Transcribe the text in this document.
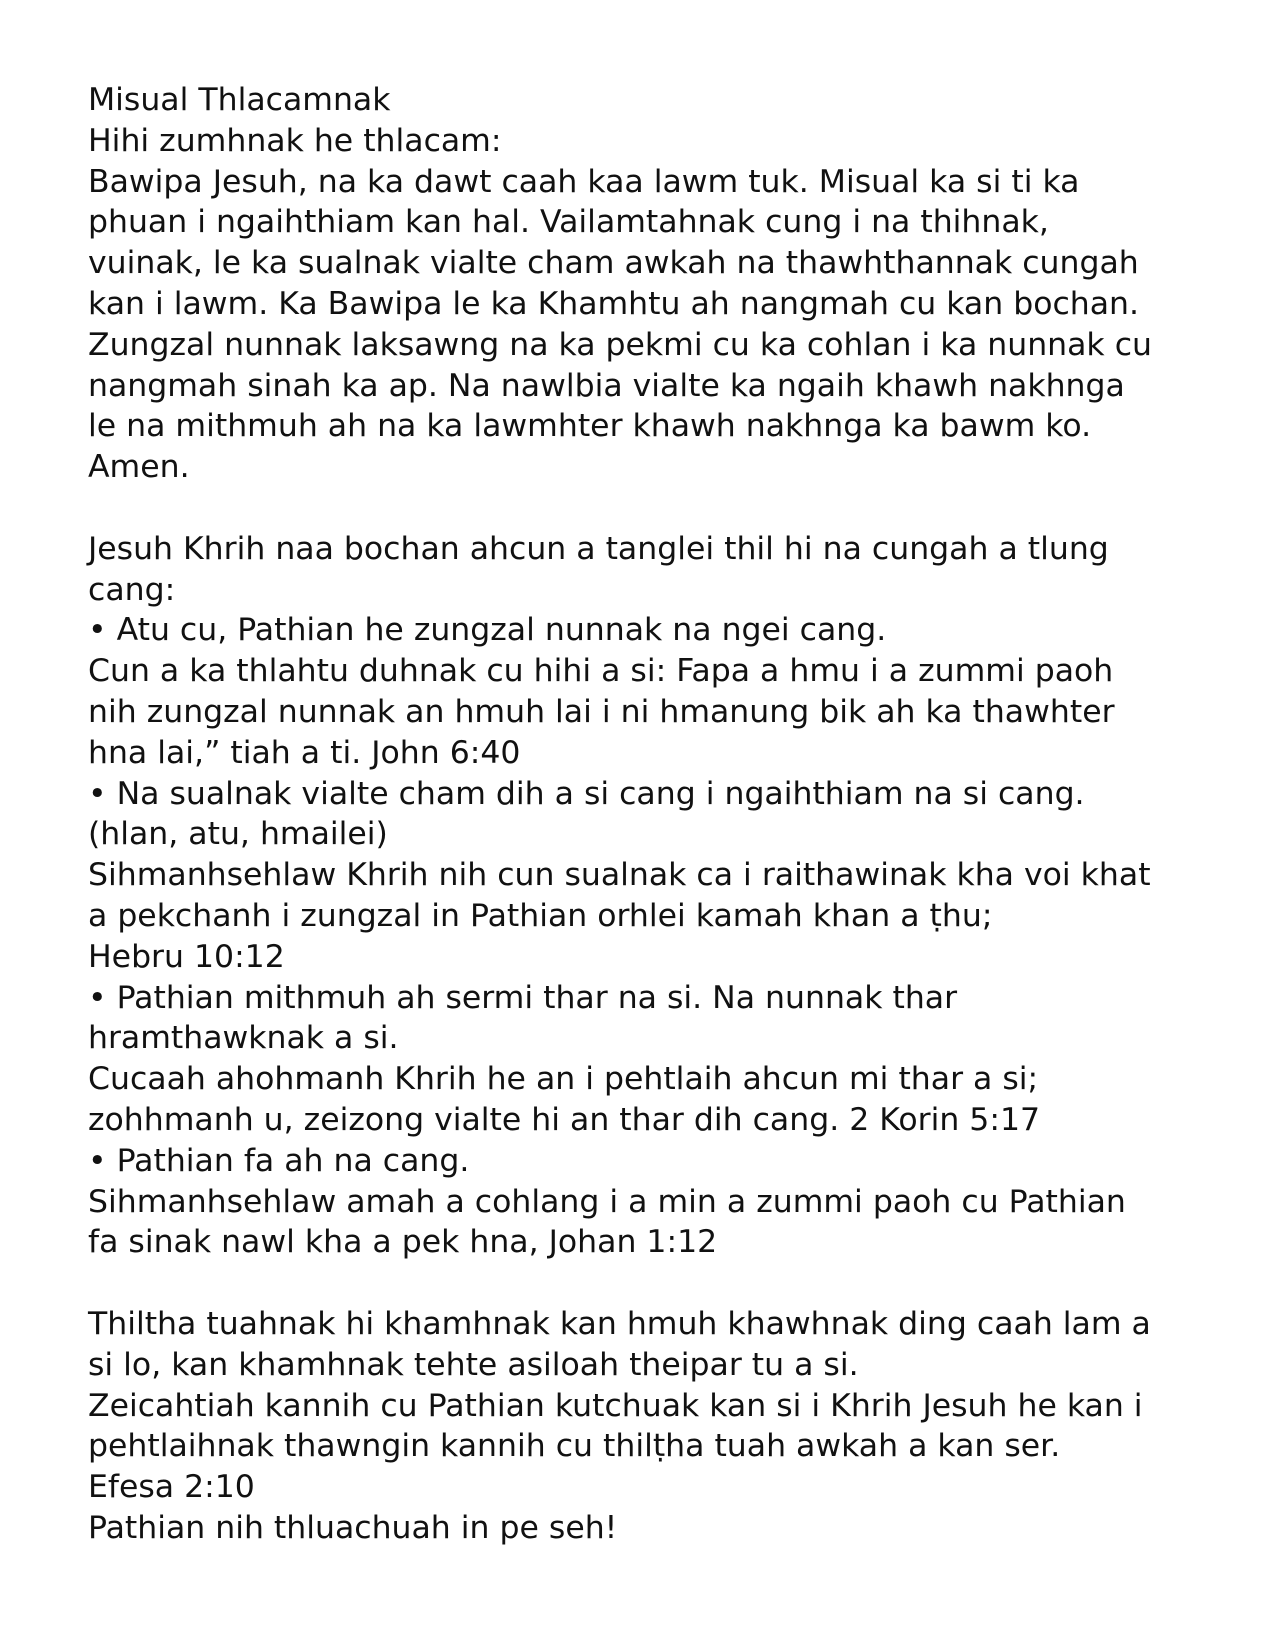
Misual Thlacamnak

Hihi zumhnak he thlacam:

Bawipa Jesuh, na ka dawt caah kaa lawm tuk. Misual ka si ti ka

phuan i ngaihthiam kan hal. Vailamtahnak cung i na thihnak,

vuinak, le ka sualnak vialte cham awkah na thawhthannak cungah

kan i lawm. Ka Bawipa le ka Khamhtu ah nangmah cu kan bochan.

Zungzal nunnak laksawng na ka pekmi cu ka cohlan i ka nunnak cu

nangmah sinah ka ap. Na nawlbia vialte ka ngaih khawh nakhnga

le na mithmuh ah na ka lawmhter khawh nakhnga ka bawm ko.

Amen.

Jesuh Khrih naa bochan ahcun a tanglei thil hi na cungah a tlung

cang:

• Atu cu, Pathian he zungzal nunnak na ngei cang.

Cun a ka thlahtu duhnak cu hihi a si: Fapa a hmu i a zummi paoh

nih zungzal nunnak an hmuh lai i ni hmanung bik ah ka thawhter

hna lai,” tiah a ti. John 6:40

• Na sualnak vialte cham dih a si cang i ngaihthiam na si cang.

(hlan, atu, hmailei)

Sihmanhsehlaw Khrih nih cun sualnak ca i raithawinak kha voi khat

a pekchanh i zungzal in Pathian orhlei kamah khan a ṭhu;

Hebru 10:12

• Pathian mithmuh ah sermi thar na si. Na nunnak thar

hramthawknak a si.

Cucaah ahohmanh Khrih he an i pehtlaih ahcun mi thar a si;

zohhmanh u, zeizong vialte hi an thar dih cang. 2 Korin 5:17

• Pathian fa ah na cang.

Sihmanhsehlaw amah a cohlang i a min a zummi paoh cu Pathian

fa sinak nawl kha a pek hna, Johan 1:12

Thiltha tuahnak hi khamhnak kan hmuh khawhnak ding caah lam a

si lo, kan khamhnak tehte asiloah theipar tu a si.

Zeicahtiah kannih cu Pathian kutchuak kan si i Khrih Jesuh he kan i

pehtlaihnak thawngin kannih cu thilṭha tuah awkah a kan ser.

Efesa 2:10

Pathian nih thluachuah in pe seh!
